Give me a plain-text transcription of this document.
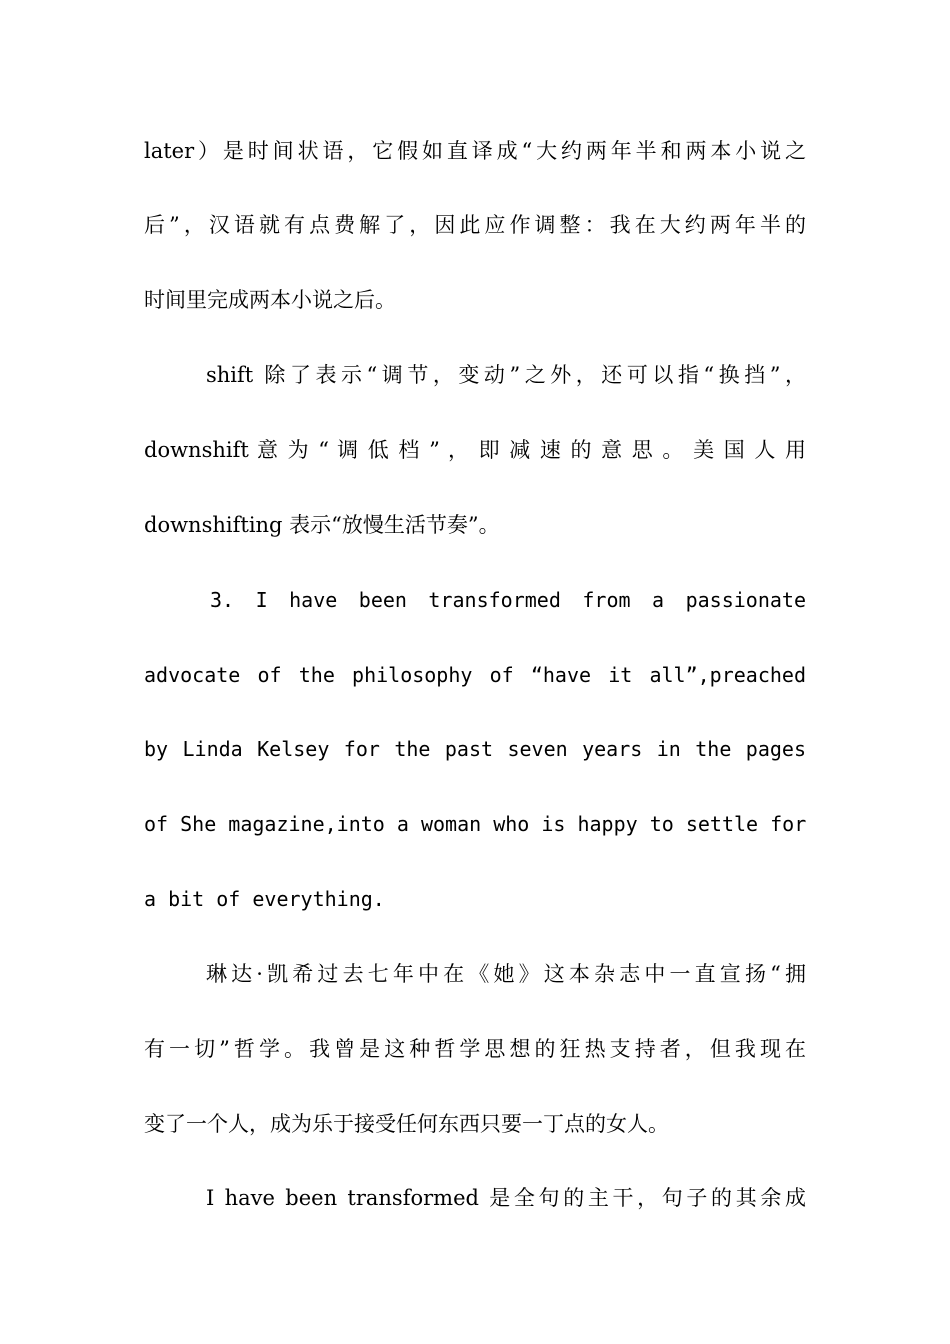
later）是时间状语，它假如直译成“大约两年半和两本小说之
后”，汉语就有点费解了，因此应作调整：我在大约两年半的
时间里完成两本小说之后。
shift 除了表示“调节，变动”之外，还可以指“换挡”，
downshift 意 为 “ 调 低 档 ” ， 即 减 速 的 意 思 。 美 国 人 用
downshifting 表示“放慢生活节奏”。
3. I have been transformed from a passionate
advocate of the philosophy of “have it all”,preached
by Linda Kelsey for the past seven years in the pages
of She magazine,into a woman who is happy to settle for
a bit of everything.
琳达·凯希过去七年中在《她》这本杂志中一直宣扬“拥
有一切”哲学。我曾是这种哲学思想的狂热支持者，但我现在
变了一个人，成为乐于接受任何东西只要一丁点的女人。
I have been transformed 是全句的主干，句子的其余成
